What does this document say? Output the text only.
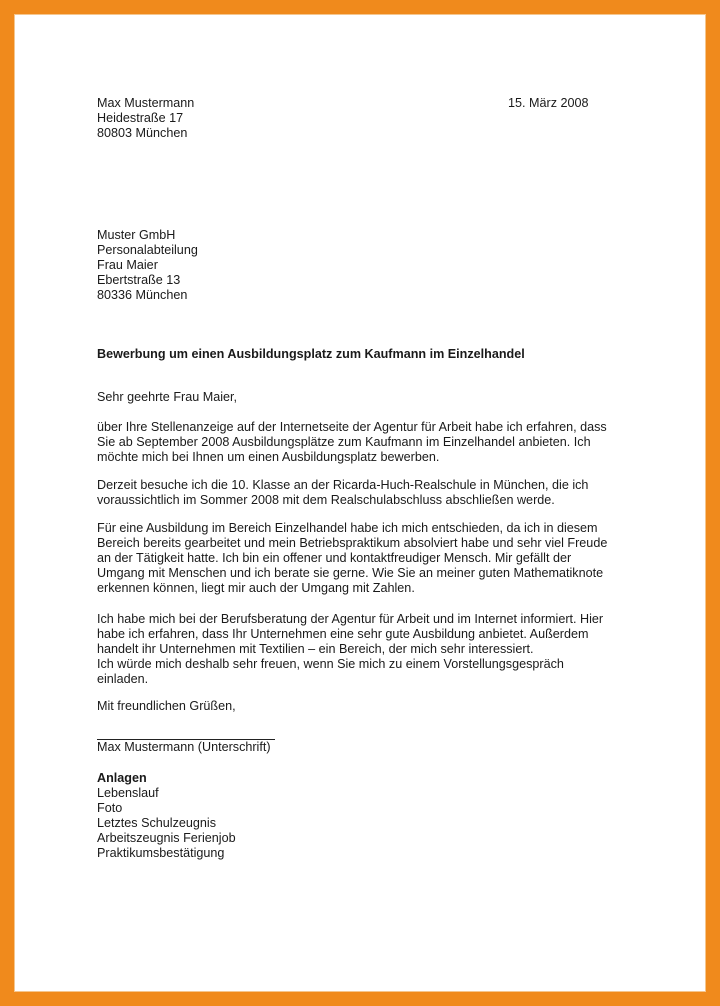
15. März 2008
Max Mustermann
Heidestraße 17
80803 München
Muster GmbH
Personalabteilung
Frau Maier
Ebertstraße 13
80336 München
Bewerbung um einen Ausbildungsplatz zum Kaufmann im Einzelhandel
Sehr geehrte Frau Maier,
über Ihre Stellenanzeige auf der Internetseite der Agentur für Arbeit habe ich erfahren, dass
Sie ab September 2008 Ausbildungsplätze zum Kaufmann im Einzelhandel anbieten. Ich
möchte mich bei Ihnen um einen Ausbildungsplatz bewerben.
Derzeit besuche ich die 10. Klasse an der Ricarda-Huch-Realschule in München, die ich
voraussichtlich im Sommer 2008 mit dem Realschulabschluss abschließen werde.
Für eine Ausbildung im Bereich Einzelhandel habe ich mich entschieden, da ich in diesem
Bereich bereits gearbeitet und mein Betriebspraktikum absolviert habe und sehr viel Freude
an der Tätigkeit hatte. Ich bin ein offener und kontaktfreudiger Mensch. Mir gefällt der
Umgang mit Menschen und ich berate sie gerne. Wie Sie an meiner guten Mathematiknote
erkennen können, liegt mir auch der Umgang mit Zahlen.
Ich habe mich bei der Berufsberatung der Agentur für Arbeit und im Internet informiert. Hier
habe ich erfahren, dass Ihr Unternehmen eine sehr gute Ausbildung anbietet. Außerdem
handelt ihr Unternehmen mit Textilien – ein Bereich, der mich sehr interessiert.
Ich würde mich deshalb sehr freuen, wenn Sie mich zu einem Vorstellungsgespräch
einladen.
Mit freundlichen Grüßen,
Max Mustermann (Unterschrift)
Anlagen
Lebenslauf
Foto
Letztes Schulzeugnis
Arbeitszeugnis Ferienjob
Praktikumsbestätigung
